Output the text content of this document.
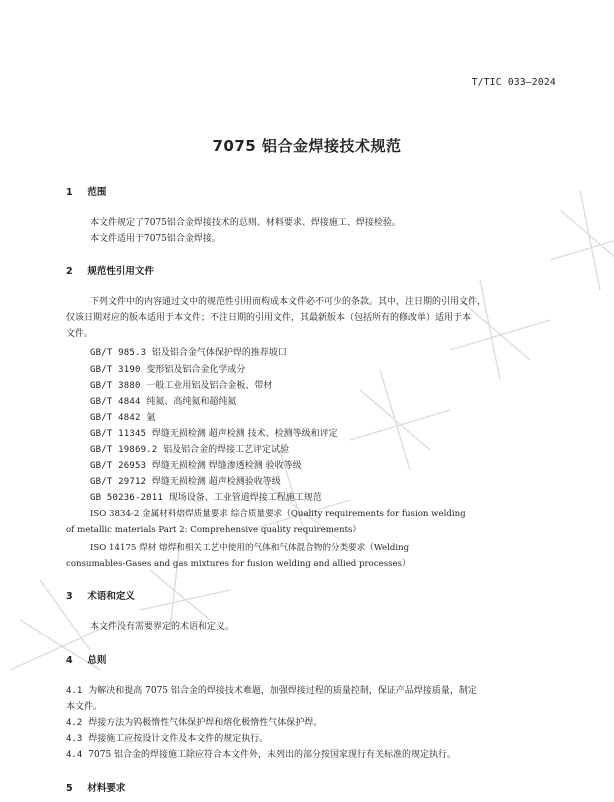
T/TIC 033—2024
7075 铝合金焊接技术规范
1 范围
本文件规定了7075铝合金焊接技术的总则、材料要求、焊接施工、焊接检验。
本文件适用于7075铝合金焊接。
2 规范性引用文件
下列文件中的内容通过文中的规范性引用而构成本文件必不可少的条款。其中，注日期的引用文件，
仅该日期对应的版本适用于本文件；不注日期的引用文件，其最新版本（包括所有的修改单）适用于本
文件。
GB/T 985.3 铝及铝合金气体保护焊的推荐坡口
GB/T 3190 变形铝及铝合金化学成分
GB/T 3880 一般工业用铝及铝合金板、带材
GB/T 4844 纯氦、高纯氦和超纯氦
GB/T 4842 氩
GB/T 11345 焊缝无损检测 超声检测 技术、检测等级和评定
GB/T 19869.2 铝及铝合金的焊接工艺评定试验
GB/T 26953 焊缝无损检测 焊缝渗透检测 验收等级
GB/T 29712 焊缝无损检测 超声检测验收等级
GB 50236-2011 现场设备、工业管道焊接工程施工规范
ISO 3834-2 金属材料熔焊质量要求 综合质量要求（Quality requirements for fusion welding
of metallic materials Part 2: Comprehensive quality requirements）
ISO 14175 焊材 熔焊和相关工艺中使用的气体和气体混合物的分类要求（Welding
consumables-Gases and gas mixtures for fusion welding and allied processes）
3 术语和定义
本文件没有需要界定的术语和定义。
4 总则
4.1 为解决和提高 7075 铝合金的焊接技术难题，加强焊接过程的质量控制，保证产品焊接质量，制定
本文件。
4.2 焊接方法为钨极惰性气体保护焊和熔化极惰性气体保护焊。
4.3 焊接施工应按设计文件及本文件的规定执行。
4.4 7075 铝合金的焊接施工除应符合本文件外，未列出的部分按国家现行有关标准的规定执行。
5 材料要求
